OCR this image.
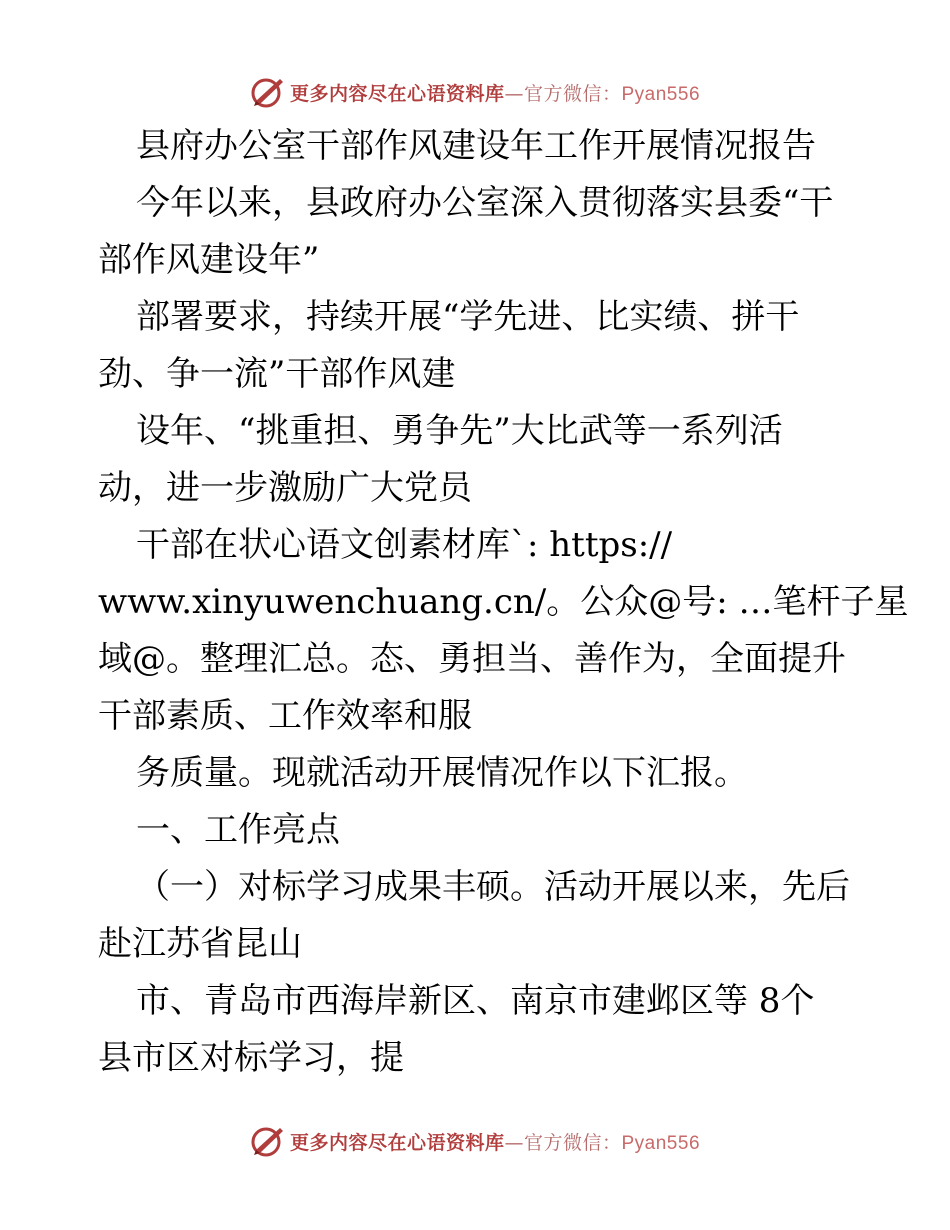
更多内容尽在心语资料库—官方微信：Pyan556
县府办公室干部作风建设年工作开展情况报告
今年以来，县政府办公室深入贯彻落实县委“干
部作风建设年”
部署要求，持续开展“学先进、比实绩、拼干
劲、争一流”干部作风建
设年、“挑重担、勇争先”大比武等一系列活
动，进一步激励广大党员
干部在状心语文创素材库`: https://
www.xinyuwenchuang.cn/。公众@号: …笔杆子星
域@。整理汇总。态、勇担当、善作为，全面提升
干部素质、工作效率和服
务质量。现就活动开展情况作以下汇报。
一、工作亮点
（一）对标学习成果丰硕。活动开展以来，先后
赴江苏省昆山
市、青岛市西海岸新区、南京市建邺区等 8个
县市区对标学习，提
更多内容尽在心语资料库—官方微信：Pyan556
